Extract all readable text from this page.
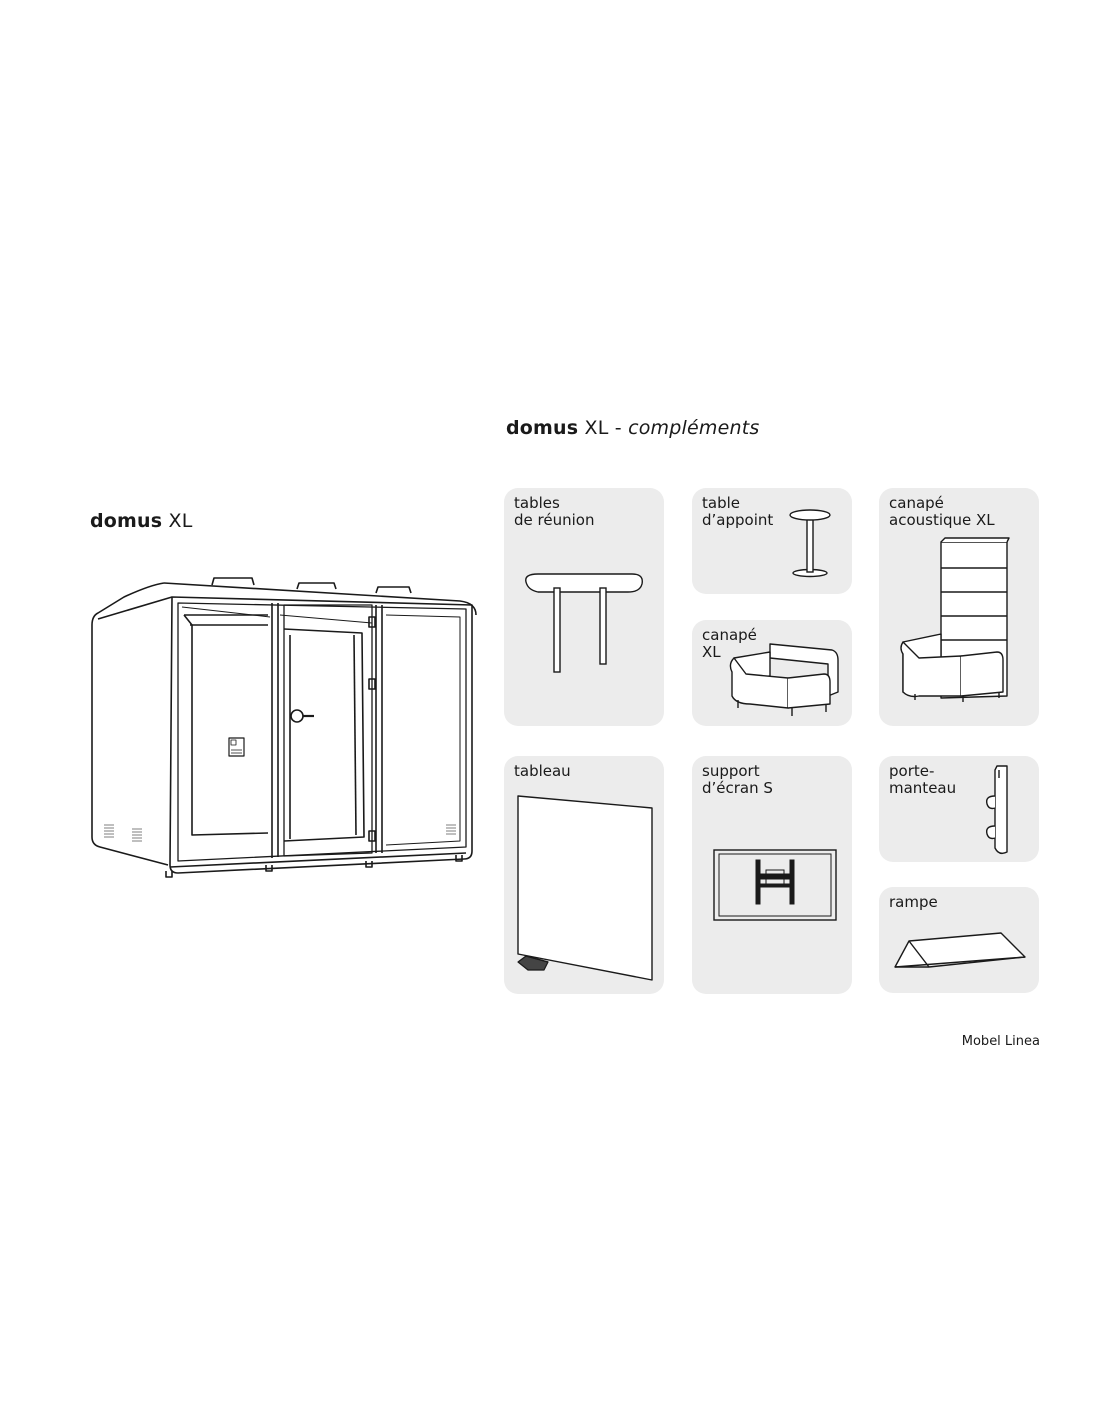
domus XL
domus XL - compléments
tables
de réunion
table
d’appoint
canapé
acoustique XL
canapé
XL
tableau	support
d’écran S
porte-
manteau
rampe
Mobel Linea
